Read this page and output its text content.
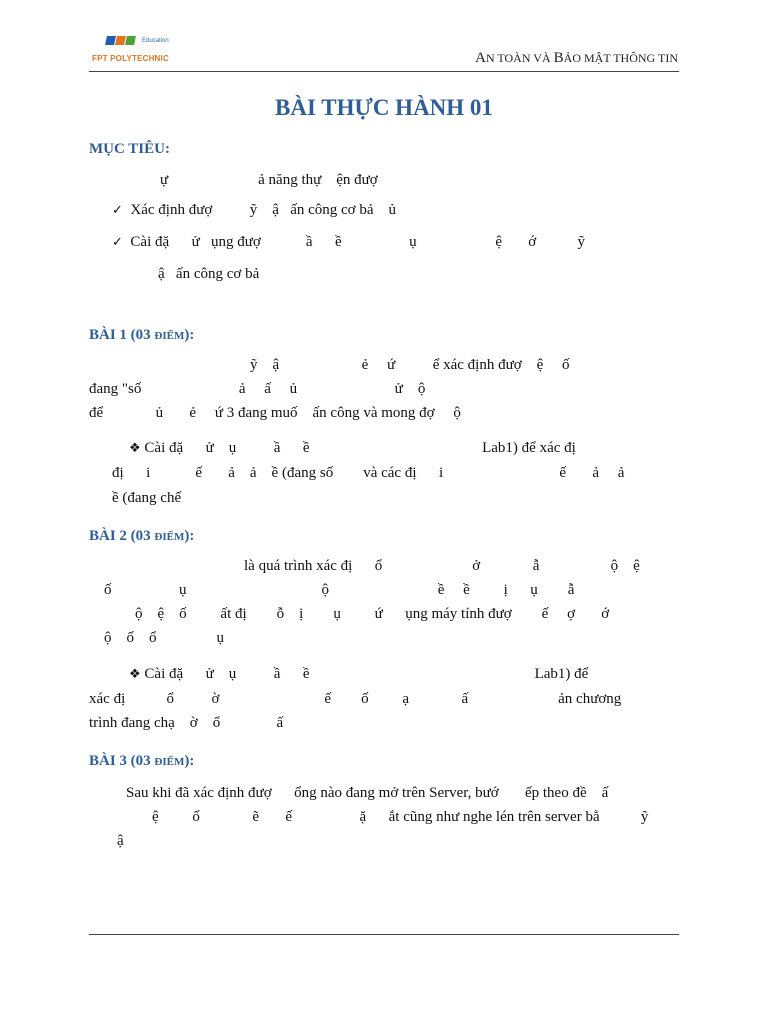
Education
FPT POLYTECHNIC	AN TOÀN VÀ BẢO MẬT THÔNG TIN
BÀI THỰC HÀNH 01
MỤC TIÊU:
ự                        ả năng thự    ện đượ
✓ Xác định đượ          ỹ    ậ   ấn công cơ bả    ủ
✓ Cài đặ      ử   ụng đượ            ầ      ề                  ụ                     ệ       ớ           ỹ
ậ   ấn công cơ bả
BÀI 1 (03 ĐIỂM):
ỹ    ậ                      ẻ     ứ          ể xác định đượ    ệ     ố
đang "số                          ả     ấ     ủ                          ử    ộ
để              ủ       ẻ     ứ 3 đang muố    ấn công và mong đợ     ộ
❖ Cài đặ      ử    ụ          ầ      ề                                              Lab1) để xác đị
đị      i            ế       ả    ả    ề (đang số        và các đị      i                               ế       ả     ả
ề (đang chế
BÀI 2 (03 ĐIỂM):
là quá trình xác đị      ổ                        ở              ẫ                   ộ    ệ
ố                  ụ                                    ộ                             ề     ề         ị      ụ        ẫ
ộ    ệ    ố         ất đị        ỗ    ị        ụ         ứ      ụng máy tính đượ        ế     ợ       ớ
ộ    ố    ổ                ụ
❖ Cài đặ      ử    ụ          ầ      ề                                                            Lab1) để
xác đị           ổ          ờ                            ế        ố         ạ              ấ                        ản chương
trình đang chạ    ờ    ổ               ấ
BÀI 3 (03 ĐIỂM):
Sau khi đã xác định đượ      ổng nào đang mở trên Server, bướ       ếp theo đề    ấ
ệ         ố              ẽ       ế                  ặ      ắt cũng như nghe lén trên server bằ           ỹ
ậ
